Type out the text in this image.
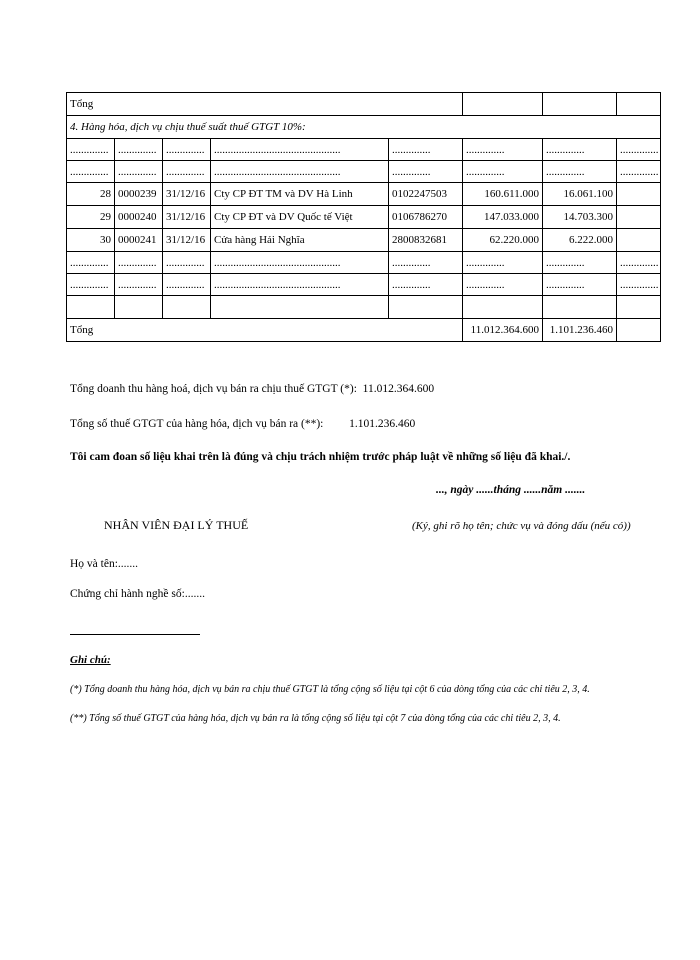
Tổng							
4. Hàng hóa, dịch vụ chịu thuế suất thuế GTGT 10%:							
..............	..............	..............	..............................................	..............	..............	..............	..............
..............	..............	..............	..............................................	..............	..............	..............	..............
28	0000239	31/12/16	Cty CP ĐT TM và DV Hà Linh	0102247503	160.611.000	16.061.100	
29	0000240	31/12/16	Cty CP ĐT và DV Quốc tế Việt	0106786270	147.033.000	14.703.300	
30	0000241	31/12/16	Cửa hàng Hải Nghĩa	2800832681	62.220.000	6.222.000	
..............	..............	..............	..............................................	..............	..............	..............	..............
..............	..............	..............	..............................................	..............	..............	..............	..............

Tổng					11.012.364.600	1.101.236.460	
Tổng doanh thu hàng hoá, dịch vụ bán ra chịu thuế GTGT (*): 11.012.364.600
Tổng số thuế GTGT của hàng hóa, dịch vụ bán ra (**): 1.101.236.460
Tôi cam đoan số liệu khai trên là đúng và chịu trách nhiệm trước pháp luật về những số liệu đã khai./.
..., ngày ......tháng ......năm .......
NHÂN VIÊN ĐẠI LÝ THUẾ	(Ký, ghi rõ họ tên; chức vụ và đóng dấu (nếu có))
Họ và tên:.......
Chứng chỉ hành nghề số:.......
Ghi chú:
(*) Tổng doanh thu hàng hóa, dịch vụ bán ra chịu thuế GTGT là tổng cộng số liệu tại cột 6 của dòng tổng của các chỉ tiêu 2, 3, 4.
(**) Tổng số thuế GTGT của hàng hóa, dịch vụ bán ra là tổng cộng số liệu tại cột 7 của dòng tổng của các chỉ tiêu 2, 3, 4.
